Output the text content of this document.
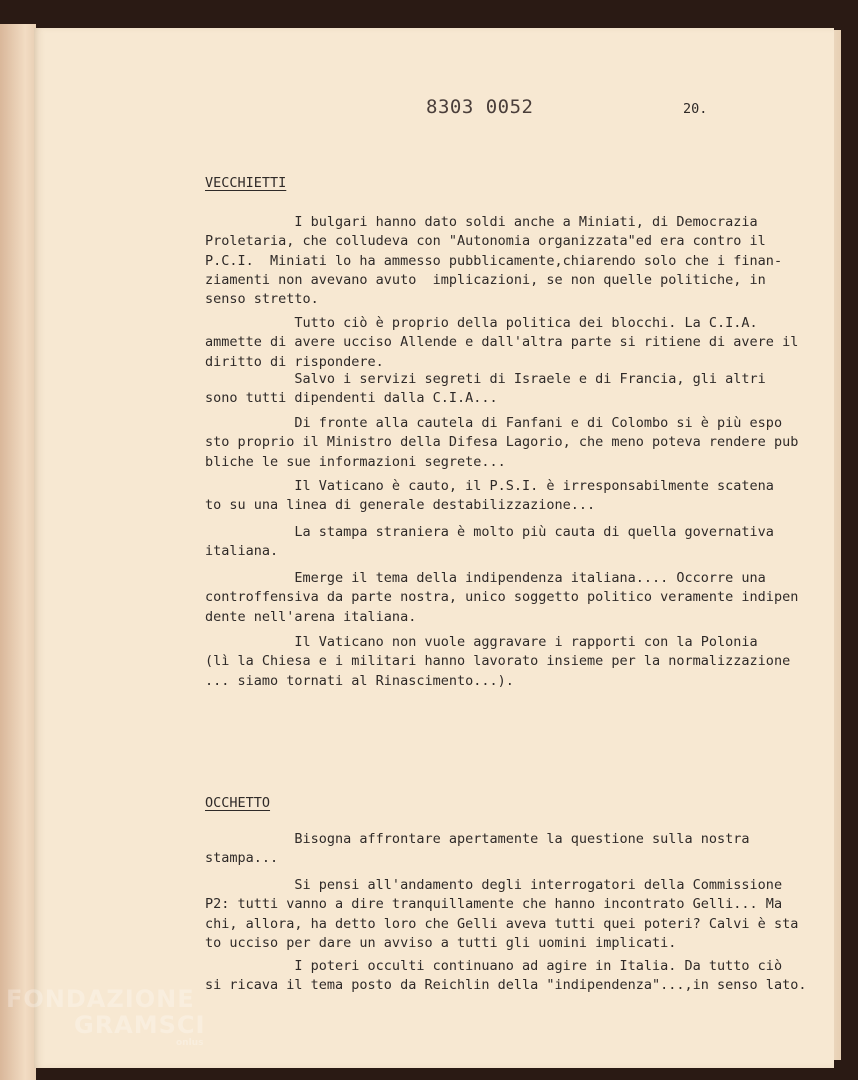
8303 0052	20.
VECCHIETTI

I bulgari hanno dato soldi anche a Miniati, di Democrazia
Proletaria, che colludeva con "Autonomia organizzata"ed era contro il
P.C.I.  Miniati lo ha ammesso pubblicamente,chiarendo solo che i finan-
ziamenti non avevano avuto  implicazioni, se non quelle politiche, in
senso stretto.

Tutto ciò è proprio della politica dei blocchi. La C.I.A.
ammette di avere ucciso Allende e dall'altra parte si ritiene di avere il
diritto di rispondere.

Salvo i servizi segreti di Israele e di Francia, gli altri
sono tutti dipendenti dalla C.I.A...

Di fronte alla cautela di Fanfani e di Colombo si è più espo
sto proprio il Ministro della Difesa Lagorio, che meno poteva rendere pub
bliche le sue informazioni segrete...

Il Vaticano è cauto, il P.S.I. è irresponsabilmente scatena
to su una linea di generale destabilizzazione...

La stampa straniera è molto più cauta di quella governativa
italiana.

Emerge il tema della indipendenza italiana.... Occorre una
controffensiva da parte nostra, unico soggetto politico veramente indipen
dente nell'arena italiana.

Il Vaticano non vuole aggravare i rapporti con la Polonia
(lì la Chiesa e i militari hanno lavorato insieme per la normalizzazione
... siamo tornati al Rinascimento...).

OCCHETTO

Bisogna affrontare apertamente la questione sulla nostra
stampa...

Si pensi all'andamento degli interrogatori della Commissione
P2: tutti vanno a dire tranquillamente che hanno incontrato Gelli... Ma
chi, allora, ha detto loro che Gelli aveva tutti quei poteri? Calvi è sta
to ucciso per dare un avviso a tutti gli uomini implicati.

I poteri occulti continuano ad agire in Italia. Da tutto ciò
si ricava il tema posto da Reichlin della "indipendenza"...,in senso lato.

FONDAZIONE
GRAMSCI
onlus
